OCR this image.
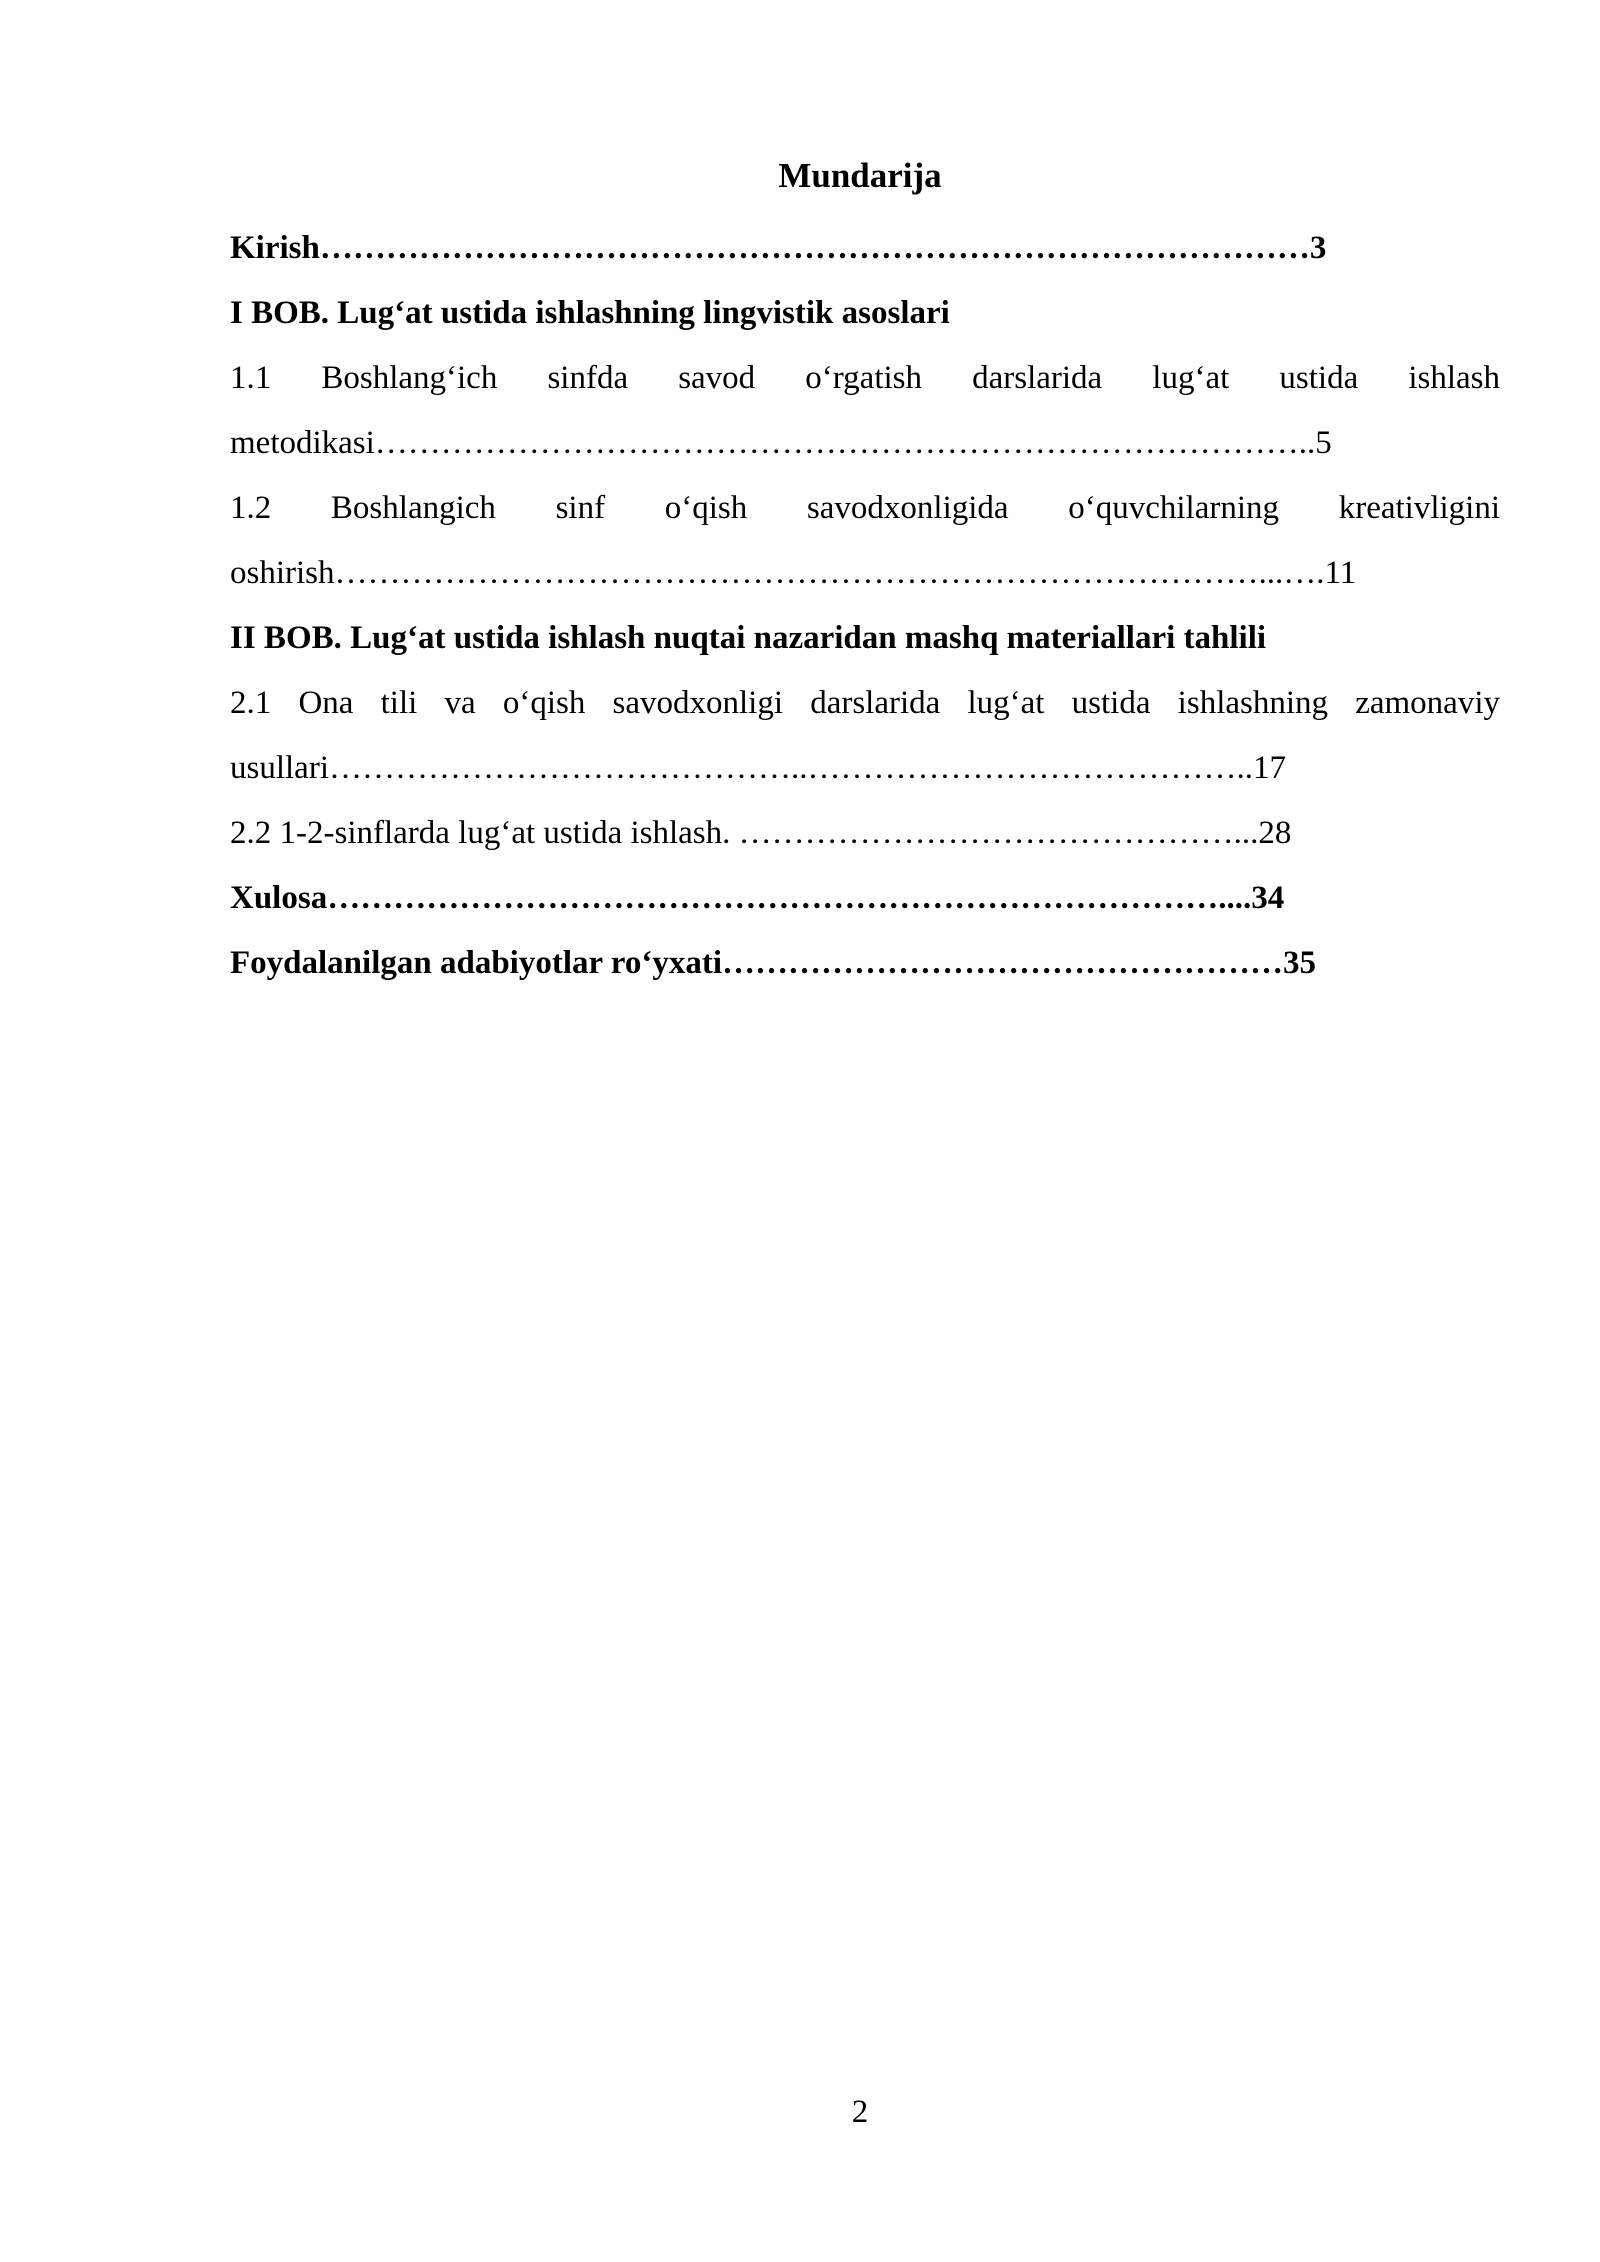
Mundarija
Kirish………………………………………………………………………………3
I BOB. Lug‘at ustida ishlashning lingvistik asoslari
1.1 Boshlang‘ich sinfda savod o‘rgatish darslarida lug‘at ustida ishlash
metodikasi…………………………………………………………………………..5
1.2 Boshlangich sinf o‘qish savodxonligida o‘quvchilarning kreativligini
oshirish…………………………………………………………………………...….11
II BOB. Lug‘at ustida ishlash nuqtai nazaridan mashq materiallari tahlili
2.1 Ona tili va o‘qish savodxonligi darslarida lug‘at ustida ishlashning zamonaviy
usullari……………………………………..…………………………………..17
2.2 1-2-sinflarda lug‘at ustida ishlash. ………………………………………...28
Xulosa………………………………………………………………………....34
Foydalanilgan adabiyotlar ro‘yxati……………………………………………35
2
